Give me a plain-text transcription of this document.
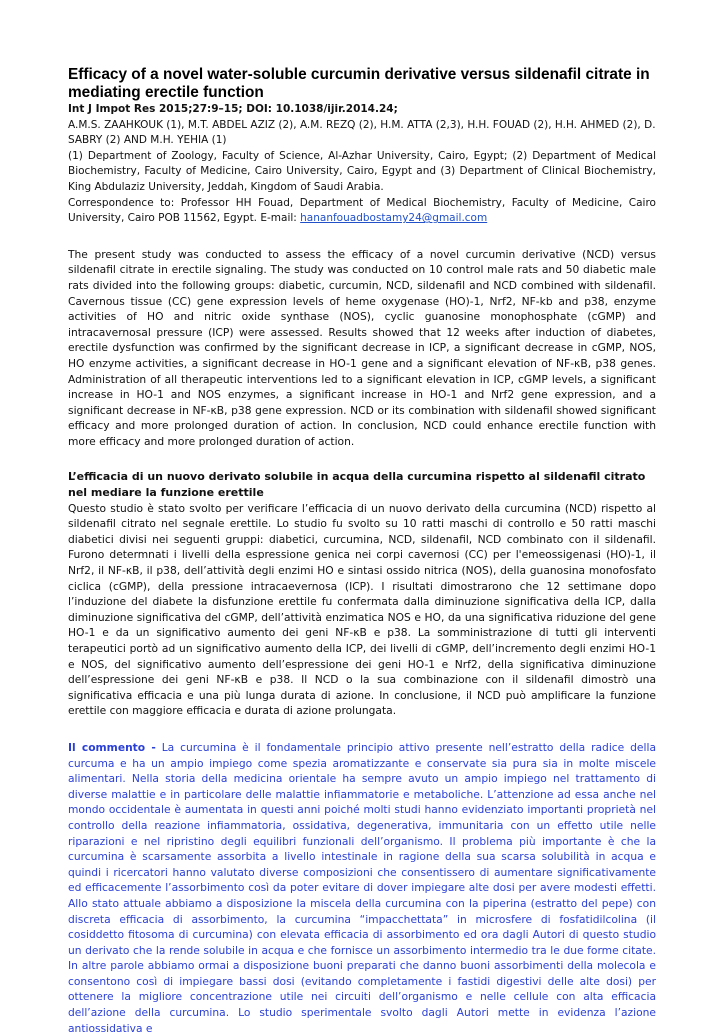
Efficacy of a novel water-soluble curcumin derivative versus sildenafil citrate in mediating erectile function

Int J Impot Res 2015;27:9–15; DOI: 10.1038/ijir.2014.24;

A.M.S. ZAAHKOUK (1), M.T. ABDEL AZIZ (2), A.M. REZQ (2), H.M. ATTA (2,3), H.H. FOUAD (2), H.H. AHMED (2), D. SABRY (2) AND M.H. YEHIA (1)

(1) Department of Zoology, Faculty of Science, Al-Azhar University, Cairo, Egypt; (2) Department of Medical Biochemistry, Faculty of Medicine, Cairo University, Cairo, Egypt and (3) Department of Clinical Biochemistry, King Abdulaziz University, Jeddah, Kingdom of Saudi Arabia.

Correspondence to: Professor HH Fouad, Department of Medical Biochemistry, Faculty of Medicine, Cairo University, Cairo POB 11562, Egypt. E-mail: hananfouadbostamy24@gmail.com

The present study was conducted to assess the efficacy of a novel curcumin derivative (NCD) versus sildenafil citrate in erectile signaling. The study was conducted on 10 control male rats and 50 diabetic male rats divided into the following groups: diabetic, curcumin, NCD, sildenafil and NCD combined with sildenafil. Cavernous tissue (CC) gene expression levels of heme oxygenase (HO)-1, Nrf2, NF-kb and p38, enzyme activities of HO and nitric oxide synthase (NOS), cyclic guanosine monophosphate (cGMP) and intracavernosal pressure (ICP) were assessed. Results showed that 12 weeks after induction of diabetes, erectile dysfunction was confirmed by the significant decrease in ICP, a significant decrease in cGMP, NOS, HO enzyme activities, a significant decrease in HO-1 gene and a significant elevation of NF-κB, p38 genes. Administration of all therapeutic interventions led to a significant elevation in ICP, cGMP levels, a significant increase in HO-1 and NOS enzymes, a significant increase in HO-1 and Nrf2 gene expression, and a significant decrease in NF-κB, p38 gene expression. NCD or its combination with sildenafil showed significant efficacy and more prolonged duration of action. In conclusion, NCD could enhance erectile function with more efficacy and more prolonged duration of action.

L’efficacia di un nuovo derivato solubile in acqua della curcumina rispetto al sildenafil citrato nel mediare la funzione erettile

Questo studio è stato svolto per verificare l’efficacia di un nuovo derivato della curcumina (NCD) rispetto al sildenafil citrato nel segnale erettile. Lo studio fu svolto su 10 ratti maschi di controllo e 50 ratti maschi diabetici divisi nei seguenti gruppi: diabetici, curcumina, NCD, sildenafil, NCD combinato con il sildenafil. Furono determnati i livelli della espressione genica nei corpi cavernosi (CC) per l'emeossigenasi (HO)-1, il Nrf2, il NF-κB, il p38, dell’attività degli enzimi HO e sintasi ossido nitrica (NOS), della guanosina monofosfato ciclica (cGMP), della pressione intracaevernosa (ICP). I risultati dimostrarono che 12 settimane dopo l’induzione del diabete la disfunzione erettile fu confermata dalla diminuzione significativa della ICP, dalla diminuzione significativa del cGMP, dell’attività enzimatica NOS e HO, da una significativa riduzione del gene HO-1 e da un significativo aumento dei geni NF-κB e p38. La somministrazione di tutti gli interventi terapeutici portò ad un significativo aumento della ICP, dei livelli di cGMP, dell’incremento degli enzimi HO-1 e NOS, del significativo aumento dell’espressione dei geni HO-1 e Nrf2, della significativa diminuzione dell’espressione dei geni NF-κB e p38. Il NCD o la sua combinazione con il sildenafil dimostrò una significativa efficacia e una più lunga durata di azione. In conclusione, il NCD può amplificare la funzione erettile con maggiore efficacia e durata di azione prolungata.

Il commento - La curcumina è il fondamentale principio attivo presente nell’estratto della radice della curcuma e ha un ampio impiego come spezia aromatizzante e conservate sia pura sia in molte miscele alimentari. Nella storia della medicina orientale ha sempre avuto un ampio impiego nel trattamento di diverse malattie e in particolare delle malattie infiammatorie e metaboliche. L’attenzione ad essa anche nel mondo occidentale è aumentata in questi anni poiché molti studi hanno evidenziato importanti proprietà nel controllo della reazione infiammatoria, ossidativa, degenerativa, immunitaria con un effetto utile nelle riparazioni e nel ripristino degli equilibri funzionali dell’organismo. Il problema più importante è che la curcumina è scarsamente assorbita a livello intestinale in ragione della sua scarsa solubilità in acqua e quindi i ricercatori hanno valutato diverse composizioni che consentissero di aumentare significativamente ed efficacemente l’assorbimento così da poter evitare di dover impiegare alte dosi per avere modesti effetti. Allo stato attuale abbiamo a disposizione la miscela della curcumina con la piperina (estratto del pepe) con discreta efficacia di assorbimento, la curcumina “impacchettata” in microsfere di fosfatidilcolina (il cosiddetto fitosoma di curcumina) con elevata efficacia di assorbimento ed ora dagli Autori di questo studio un derivato che la rende solubile in acqua e che fornisce un assorbimento intermedio tra le due forme citate. In altre parole abbiamo ormai a disposizione buoni preparati che danno buoni assorbimenti della molecola e consentono così di impiegare bassi dosi (evitando completamente i fastidi digestivi delle alte dosi) per ottenere la migliore concentrazione utile nei circuiti dell’organismo e nelle cellule con alta efficacia dell’azione della curcumina. Lo studio sperimentale svolto dagli Autori mette in evidenza l’azione antiossidativa e
